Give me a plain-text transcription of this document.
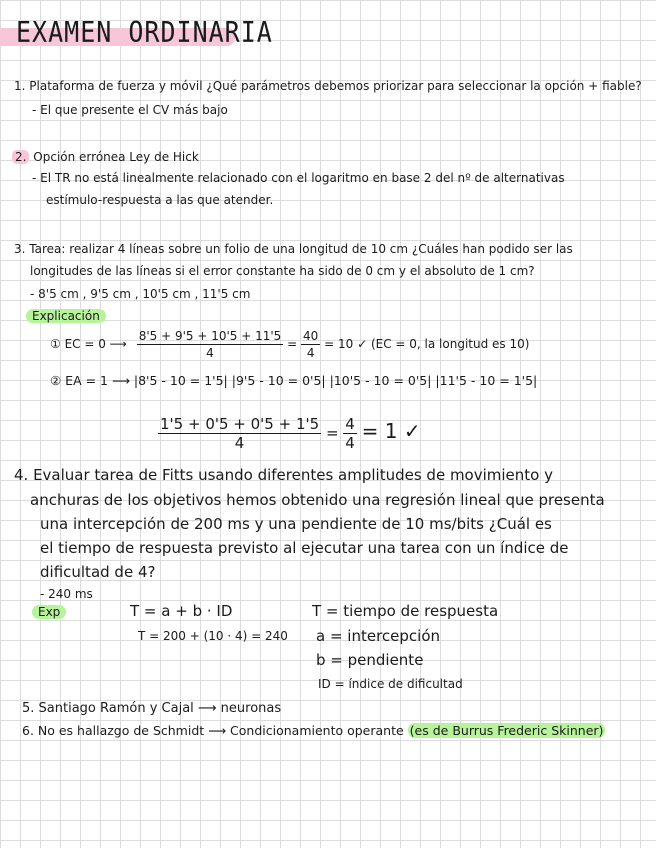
EXAMEN ORDINARIA
1. Plataforma de fuerza y móvil ¿Qué parámetros debemos priorizar para seleccionar la opción + fiable?
- El que presente el CV más bajo
2. Opción errónea Ley de Hick
- El TR no está linealmente relacionado con el logaritmo en base 2 del nº de alternativas
estímulo-respuesta a las que atender.
3. Tarea: realizar 4 líneas sobre un folio de una longitud de 10 cm ¿Cuáles han podido ser las
longitudes de las líneas si el error constante ha sido de 0 cm y el absoluto de 1 cm?
- 8'5 cm , 9'5 cm , 10'5 cm , 11'5 cm
Explicación
① EC = 0 ⟶ $\frac{8'5 + 9'5 + 10'5 + 11'5}{4} = \frac{40}{4} = 10$ ✓ (EC = 0, la longitud es 10)
② EA = 1 ⟶ |8'5 - 10 = 1'5| |9'5 - 10 = 0'5| |10'5 - 10 = 0'5| |11'5 - 10 = 1'5|
$\frac{1'5 + 0'5 + 0'5 + 1'5}{4} = \frac{4}{4} = 1$ ✓
4. Evaluar tarea de Fitts usando diferentes amplitudes de movimiento y
anchuras de los objetivos hemos obtenido una regresión lineal que presenta
una intercepción de 200 ms y una pendiente de 10 ms/bits ¿Cuál es
el tiempo de respuesta previsto al ejecutar una tarea con un índice de
dificultad de 4?
- 240 ms
Exp	T = a + b · ID
T = 200 + (10 · 4) = 240
T = tiempo de respuesta
a = intercepción
b = pendiente
ID = índice de dificultad
5. Santiago Ramón y Cajal ⟶ neuronas
6. No es hallazgo de Schmidt ⟶ Condicionamiento operante (es de Burrus Frederic Skinner)
